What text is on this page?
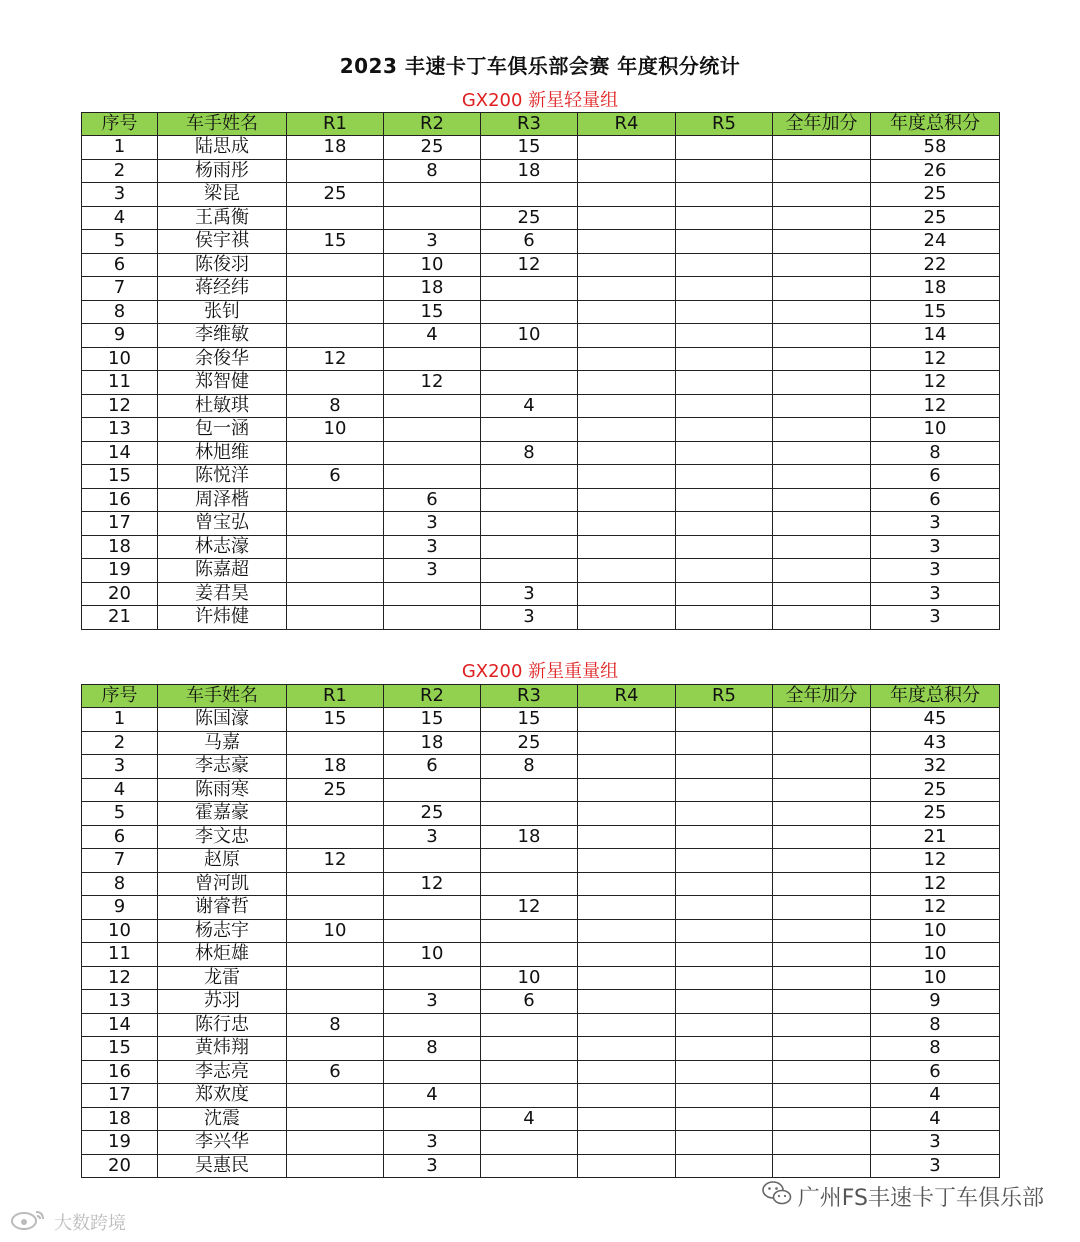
2023 丰速卡丁车俱乐部会赛 年度积分统计
GX200 新星轻量组
序号	车手姓名	R1	R2	R3	R4	R5	全年加分	年度总积分
1	陆思成	18	25	15				58
2	杨雨彤		8	18				26
3	梁昆	25						25
4	王禹衡			25				25
5	侯宇祺	15	3	6				24
6	陈俊羽		10	12				22
7	蒋经纬		18					18
8	张钊		15					15
9	李维敏		4	10				14
10	余俊华	12						12
11	郑智健		12					12
12	杜敏琪	8		4				12
13	包一涵	10						10
14	林旭维			8				8
15	陈悦洋	6						6
16	周泽楷		6					6
17	曾宝弘		3					3
18	林志濠		3					3
19	陈嘉超		3					3
20	姜君昊			3				3
21	许炜健			3				3
GX200 新星重量组
序号	车手姓名	R1	R2	R3	R4	R5	全年加分	年度总积分
1	陈国濠	15	15	15				45
2	马嘉		18	25				43
3	李志豪	18	6	8				32
4	陈雨寒	25						25
5	霍嘉豪		25					25
6	李文忠		3	18				21
7	赵原	12						12
8	曾河凯		12					12
9	谢睿哲			12				12
10	杨志宇	10						10
11	林炬雄		10					10
12	龙雷			10				10
13	苏羽		3	6				9
14	陈行忠	8						8
15	黄炜翔		8					8
16	李志亮	6						6
17	郑欢度		4					4
18	沈震			4				4
19	李兴华		3					3
20	吴惠民		3					3
大数跨境
广州FS丰速卡丁车俱乐部
